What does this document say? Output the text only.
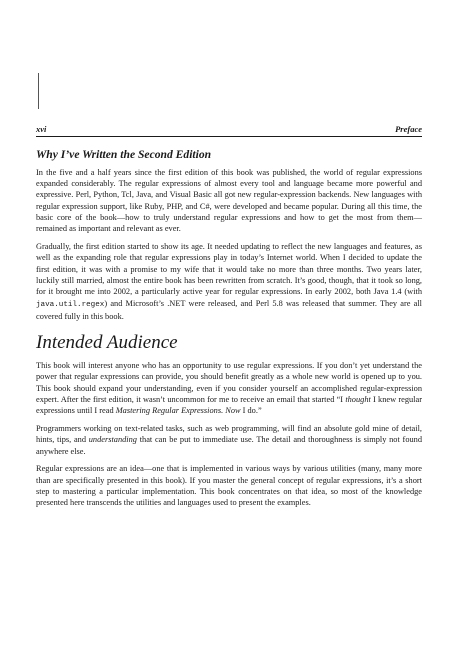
xvi	Preface
Why I’ve Written the Second Edition

In the five and a half years since the first edition of this book was published, the world of regular expressions expanded considerably. The regular expressions of almost every tool and language became more powerful and expressive. Perl, Python, Tcl, Java, and Visual Basic all got new regular-expression backends. New languages with regular expression support, like Ruby, PHP, and C#, were developed and became popular. During all this time, the basic core of the book—how to truly understand regular expressions and how to get the most from them—remained as important and relevant as ever.

Gradually, the first edition started to show its age. It needed updating to reflect the new languages and features, as well as the expanding role that regular expressions play in today’s Internet world. When I decided to update the first edition, it was with a promise to my wife that it would take no more than three months. Two years later, luckily still married, almost the entire book has been rewritten from scratch. It’s good, though, that it took so long, for it brought me into 2002, a particularly active year for regular expressions. In early 2002, both Java 1.4 (with java.util.regex) and Microsoft’s .NET were released, and Perl 5.8 was released that summer. They are all covered fully in this book.

Intended Audience

This book will interest anyone who has an opportunity to use regular expressions. If you don’t yet understand the power that regular expressions can provide, you should benefit greatly as a whole new world is opened up to you. This book should expand your understanding, even if you consider yourself an accomplished regular-expression expert. After the first edition, it wasn’t uncommon for me to receive an email that started “I thought I knew regular expressions until I read Mastering Regular Expressions. Now I do.”

Programmers working on text-related tasks, such as web programming, will find an absolute gold mine of detail, hints, tips, and understanding that can be put to immediate use. The detail and thoroughness is simply not found anywhere else.

Regular expressions are an idea—one that is implemented in various ways by various utilities (many, many more than are specifically presented in this book). If you master the general concept of regular expressions, it’s a short step to mastering a particular implementation. This book concentrates on that idea, so most of the knowledge presented here transcends the utilities and languages used to present the examples.
